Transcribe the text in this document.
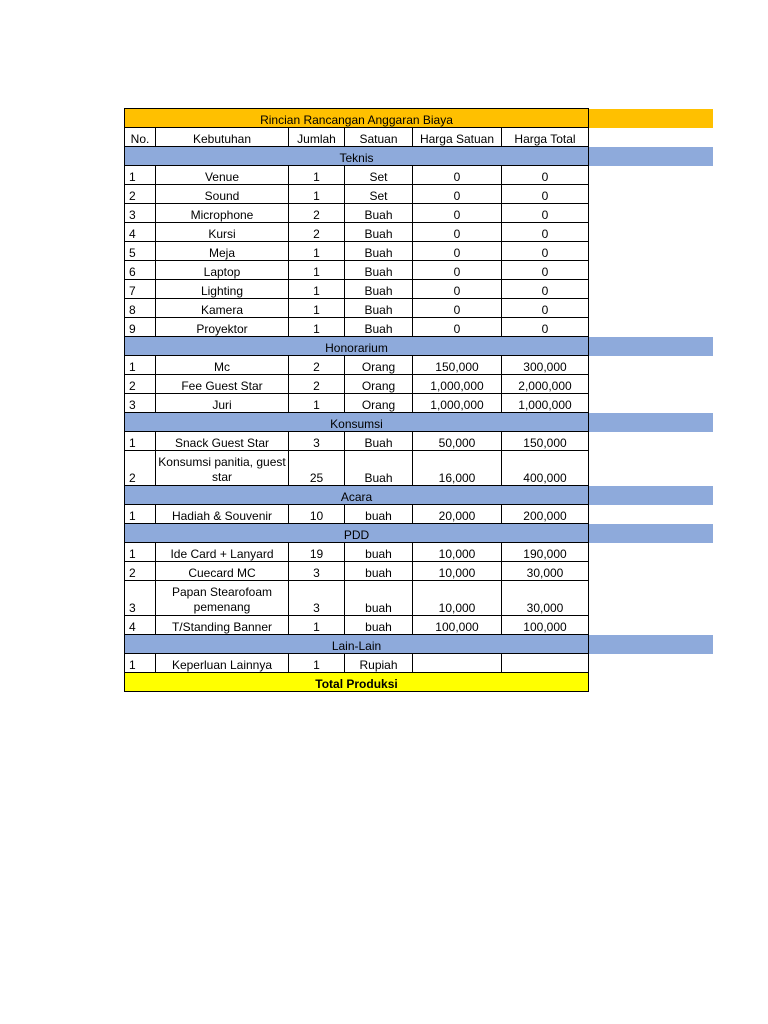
Rincian Rancangan Anggaran Biaya						
No.	Kebutuhan	Jumlah	Satuan	Harga Satuan	Harga Total	
Teknis						
1	Venue	1	Set	0	0	
2	Sound	1	Set	0	0	
3	Microphone	2	Buah	0	0	
4	Kursi	2	Buah	0	0	
5	Meja	1	Buah	0	0	
6	Laptop	1	Buah	0	0	
7	Lighting	1	Buah	0	0	
8	Kamera	1	Buah	0	0	
9	Proyektor	1	Buah	0	0	
Honorarium						
1	Mc	2	Orang	150,000	300,000	
2	Fee Guest Star	2	Orang	1,000,000	2,000,000	
3	Juri	1	Orang	1,000,000	1,000,000	
Konsumsi						
1	Snack Guest Star	3	Buah	50,000	150,000	
2	Konsumsi panitia, guest star	25	Buah	16,000	400,000	
Acara						
1	Hadiah & Souvenir	10	buah	20,000	200,000	
PDD						
1	Ide Card + Lanyard	19	buah	10,000	190,000	
2	Cuecard MC	3	buah	10,000	30,000	
3	Papan Stearofoam pemenang	3	buah	10,000	30,000	
4	T/Standing Banner	1	buah	100,000	100,000	
Lain-Lain						
1	Keperluan Lainnya	1	Rupiah			
Total Produksi						
